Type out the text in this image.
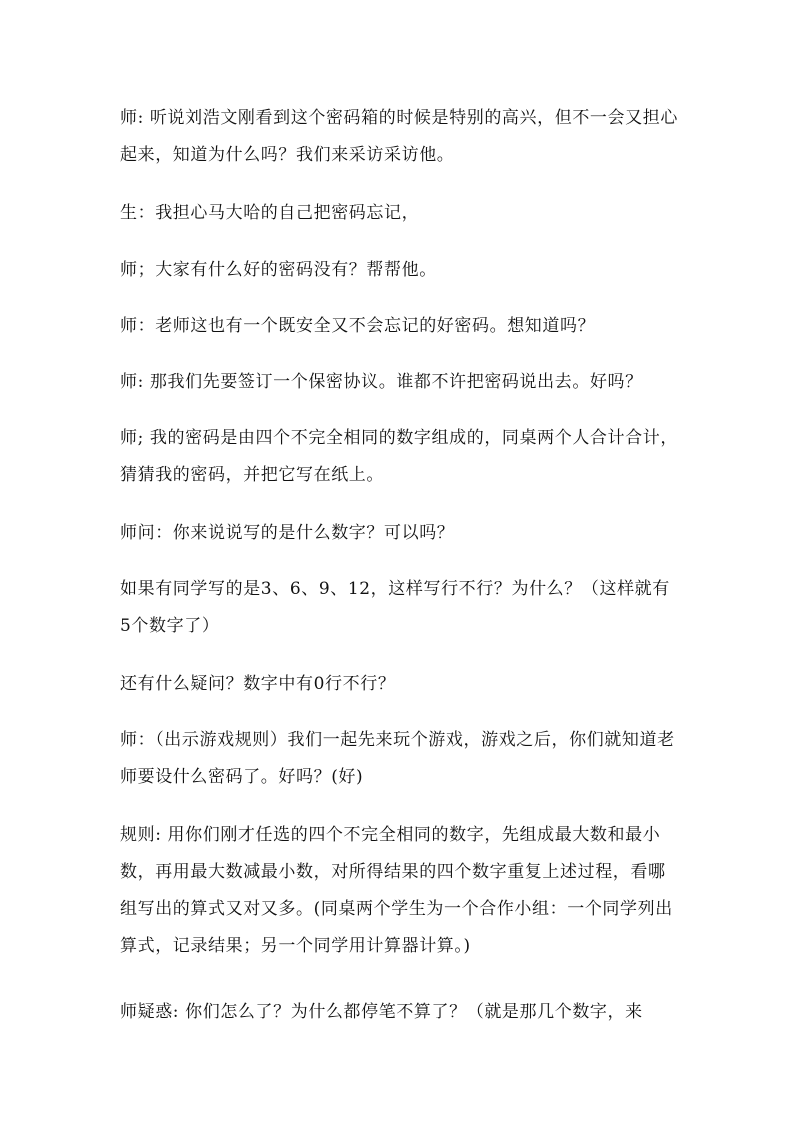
师: 听说刘浩文刚看到这个密码箱的时候是特别的高兴，但不一会又担心起来，知道为什么吗？我们来采访采访他。

生：我担心马大哈的自己把密码忘记，

师；大家有什么好的密码没有？帮帮他。

师：老师这也有一个既安全又不会忘记的好密码。想知道吗？

师: 那我们先要签订一个保密协议。谁都不许把密码说出去。好吗？

师; 我的密码是由四个不完全相同的数字组成的，同桌两个人合计合计，猜猜我的密码，并把它写在纸上。

师问：你来说说写的是什么数字？可以吗？

如果有同学写的是3、6、9、12，这样写行不行？为什么？（这样就有5个数字了）

还有什么疑问？数字中有0行不行？

师：（出示游戏规则）我们一起先来玩个游戏，游戏之后，你们就知道老师要设什么密码了。好吗？(好)

规则: 用你们刚才任选的四个不完全相同的数字，先组成最大数和最小数，再用最大数减最小数，对所得结果的四个数字重复上述过程，看哪组写出的算式又对又多。(同桌两个学生为一个合作小组：一个同学列出算式，记录结果；另一个同学用计算器计算。)

师疑惑: 你们怎么了？为什么都停笔不算了？（就是那几个数字，来
